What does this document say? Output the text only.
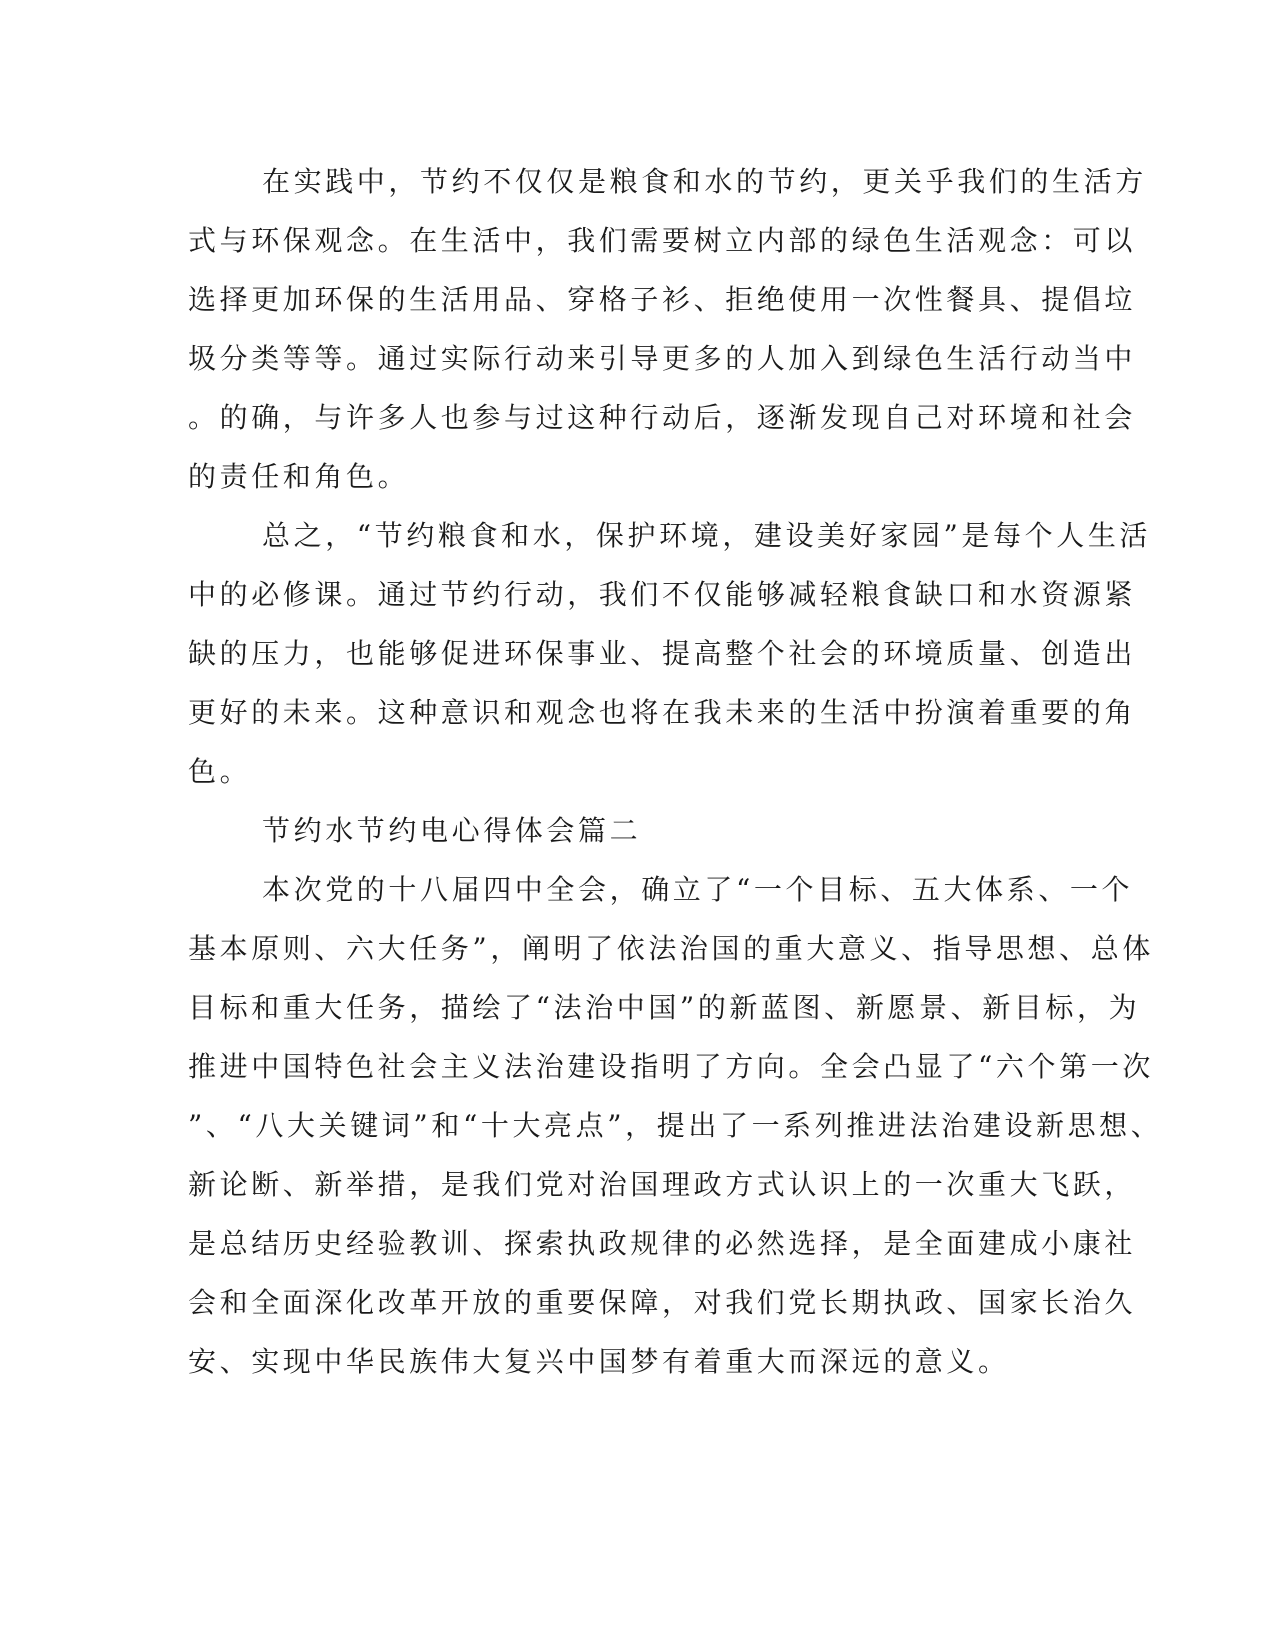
在实践中，节约不仅仅是粮食和水的节约，更关乎我们的生活方
式与环保观念。在生活中，我们需要树立内部的绿色生活观念：可以
选择更加环保的生活用品、穿格子衫、拒绝使用一次性餐具、提倡垃
圾分类等等。通过实际行动来引导更多的人加入到绿色生活行动当中
。的确，与许多人也参与过这种行动后，逐渐发现自己对环境和社会
的责任和角色。
总之，“节约粮食和水，保护环境，建设美好家园”是每个人生活
中的必修课。通过节约行动，我们不仅能够减轻粮食缺口和水资源紧
缺的压力，也能够促进环保事业、提高整个社会的环境质量、创造出
更好的未来。这种意识和观念也将在我未来的生活中扮演着重要的角
色。
节约水节约电心得体会篇二
本次党的十八届四中全会，确立了“一个目标、五大体系、一个
基本原则、六大任务”，阐明了依法治国的重大意义、指导思想、总体
目标和重大任务，描绘了“法治中国”的新蓝图、新愿景、新目标，为
推进中国特色社会主义法治建设指明了方向。全会凸显了“六个第一次
”、“八大关键词”和“十大亮点”，提出了一系列推进法治建设新思想、
新论断、新举措，是我们党对治国理政方式认识上的一次重大飞跃，
是总结历史经验教训、探索执政规律的必然选择，是全面建成小康社
会和全面深化改革开放的重要保障，对我们党长期执政、国家长治久
安、实现中华民族伟大复兴中国梦有着重大而深远的意义。
